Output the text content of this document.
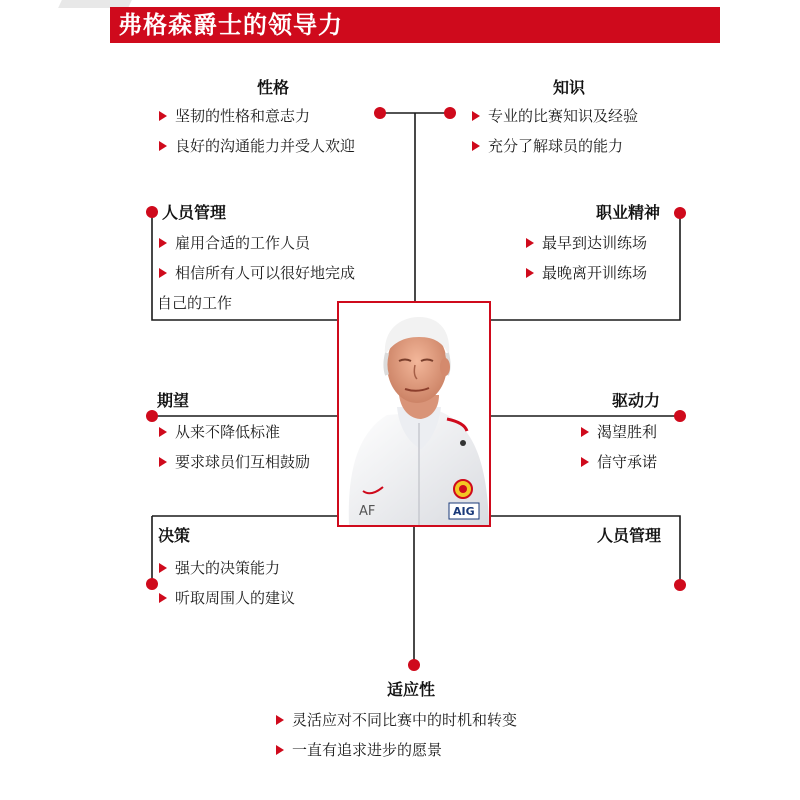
弗格森爵士的领导力
性格
坚韧的性格和意志力
良好的沟通能力并受人欢迎
知识
专业的比赛知识及经验
充分了解球员的能力
人员管理
雇用合适的工作人员
相信所有人可以很好地完成
自己的工作
职业精神
最早到达训练场
最晚离开训练场
期望
从来不降低标准
要求球员们互相鼓励
驱动力
渴望胜利
信守承诺
决策
强大的决策能力
听取周围人的建议
人员管理
适应性
灵活应对不同比赛中的时机和转变
一直有追求进步的愿景
AF	AIG
